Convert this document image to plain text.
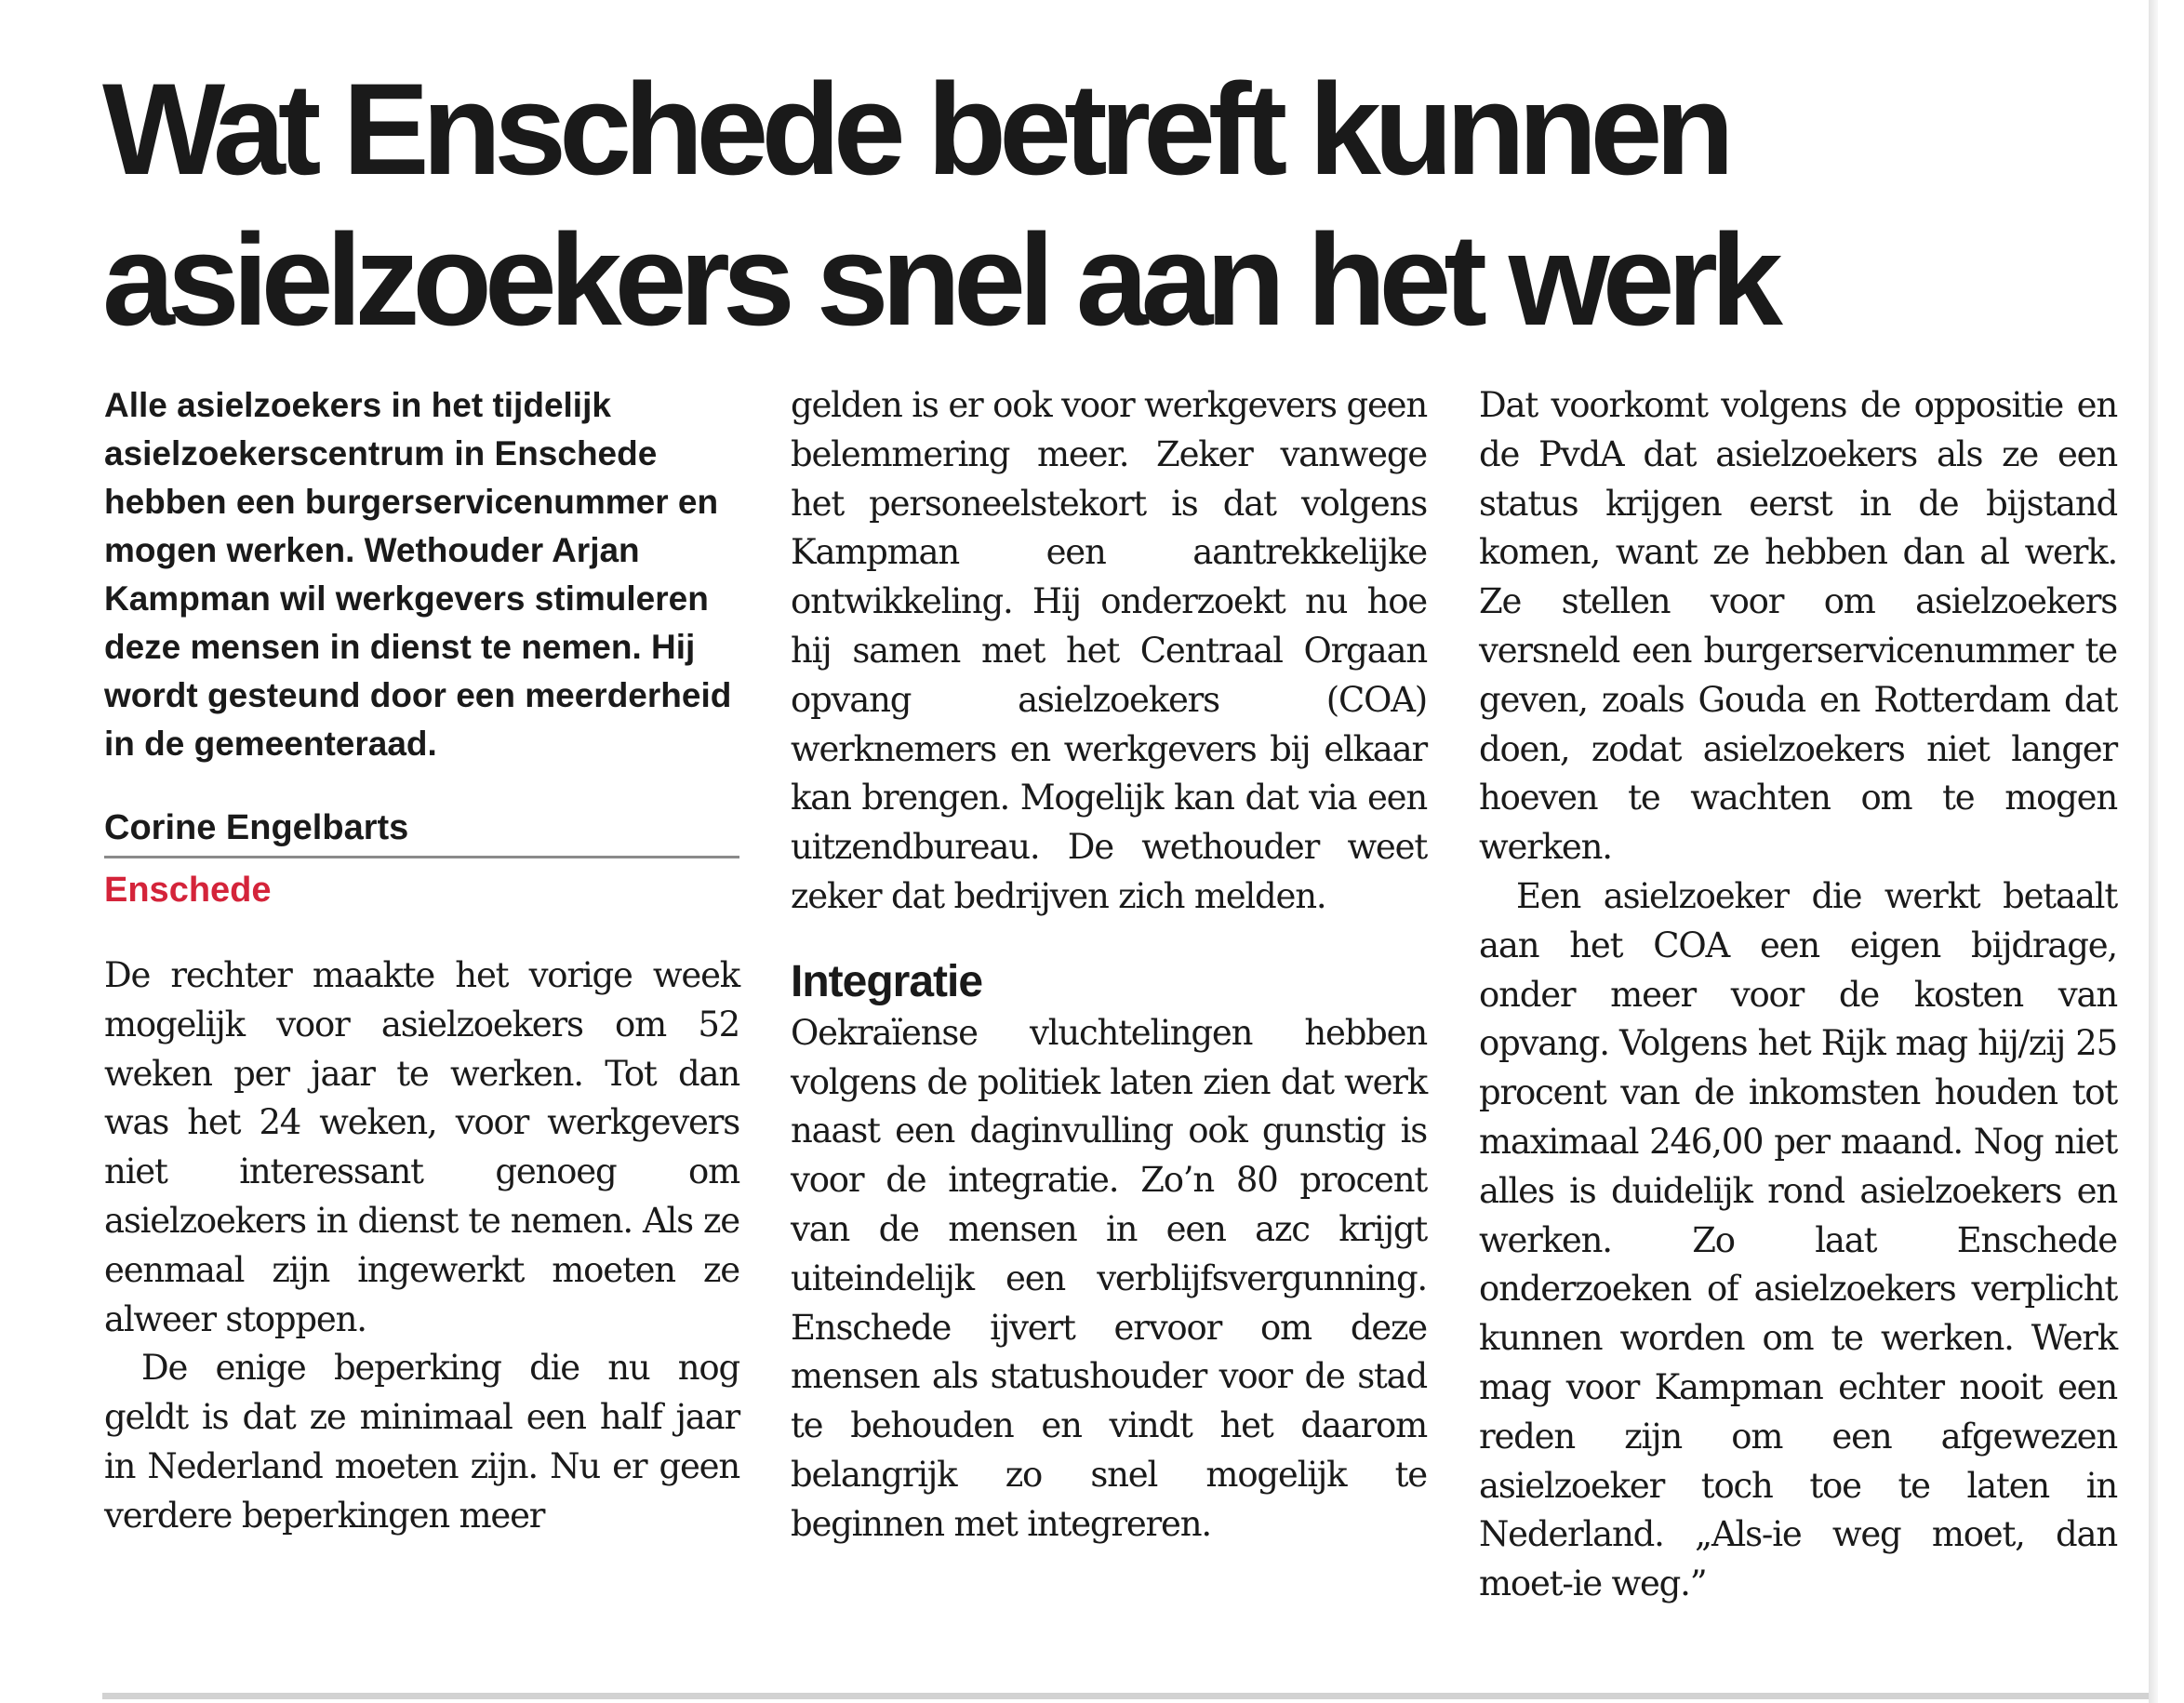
Wat Enschede betreft kunnen asielzoekers snel aan het werk

Alle asielzoekers in het tijdelijk asielzoekerscentrum in Enschede hebben een burgerservicenummer en mogen werken. Wethouder Arjan Kampman wil werkgevers stimuleren deze mensen in dienst te nemen. Hij wordt gesteund door een meerderheid in de gemeenteraad.

Corine Engelbarts
Enschede

De rechter maakte het vorige week mogelijk voor asielzoekers om 52 weken per jaar te werken. Tot dan was het 24 weken, voor werkgevers niet interessant genoeg om asielzoekers in dienst te nemen. Als ze eenmaal zijn ingewerkt moeten ze alweer stoppen.

De enige beperking die nu nog geldt is dat ze minimaal een half jaar in Nederland moeten zijn. Nu er geen verdere beperkingen meer

gelden is er ook voor werkgevers geen belemmering meer. Zeker vanwege het personeelstekort is dat volgens Kampman een aantrekkelijke ontwikkeling. Hij onderzoekt nu hoe hij samen met het Centraal Orgaan opvang asielzoekers (COA) werknemers en werkgevers bij elkaar kan brengen. Mogelijk kan dat via een uitzendbureau. De wethouder weet zeker dat bedrijven zich melden.

Integratie

Oekraïense vluchtelingen hebben volgens de politiek laten zien dat werk naast een daginvulling ook gunstig is voor de integratie. Zo’n 80 procent van de mensen in een azc krijgt uiteindelijk een verblijfsvergunning. Enschede ijvert ervoor om deze mensen als statushouder voor de stad te behouden en vindt het daarom belangrijk zo snel mogelijk te beginnen met integreren.

Dat voorkomt volgens de oppositie en de PvdA dat asielzoekers als ze een status krijgen eerst in de bijstand komen, want ze hebben dan al werk. Ze stellen voor om asielzoekers versneld een burgerservicenummer te geven, zoals Gouda en Rotterdam dat doen, zodat asielzoekers niet langer hoeven te wachten om te mogen werken.

Een asielzoeker die werkt betaalt aan het COA een eigen bijdrage, onder meer voor de kosten van opvang. Volgens het Rijk mag hij/zij 25 procent van de inkomsten houden tot maximaal 246,00 per maand. Nog niet alles is duidelijk rond asielzoekers en werken. Zo laat Enschede onderzoeken of asielzoekers verplicht kunnen worden om te werken. Werk mag voor Kampman echter nooit een reden zijn om een afgewezen asielzoeker toch toe te laten in Nederland. „Als-ie weg moet, dan moet-ie weg.”
